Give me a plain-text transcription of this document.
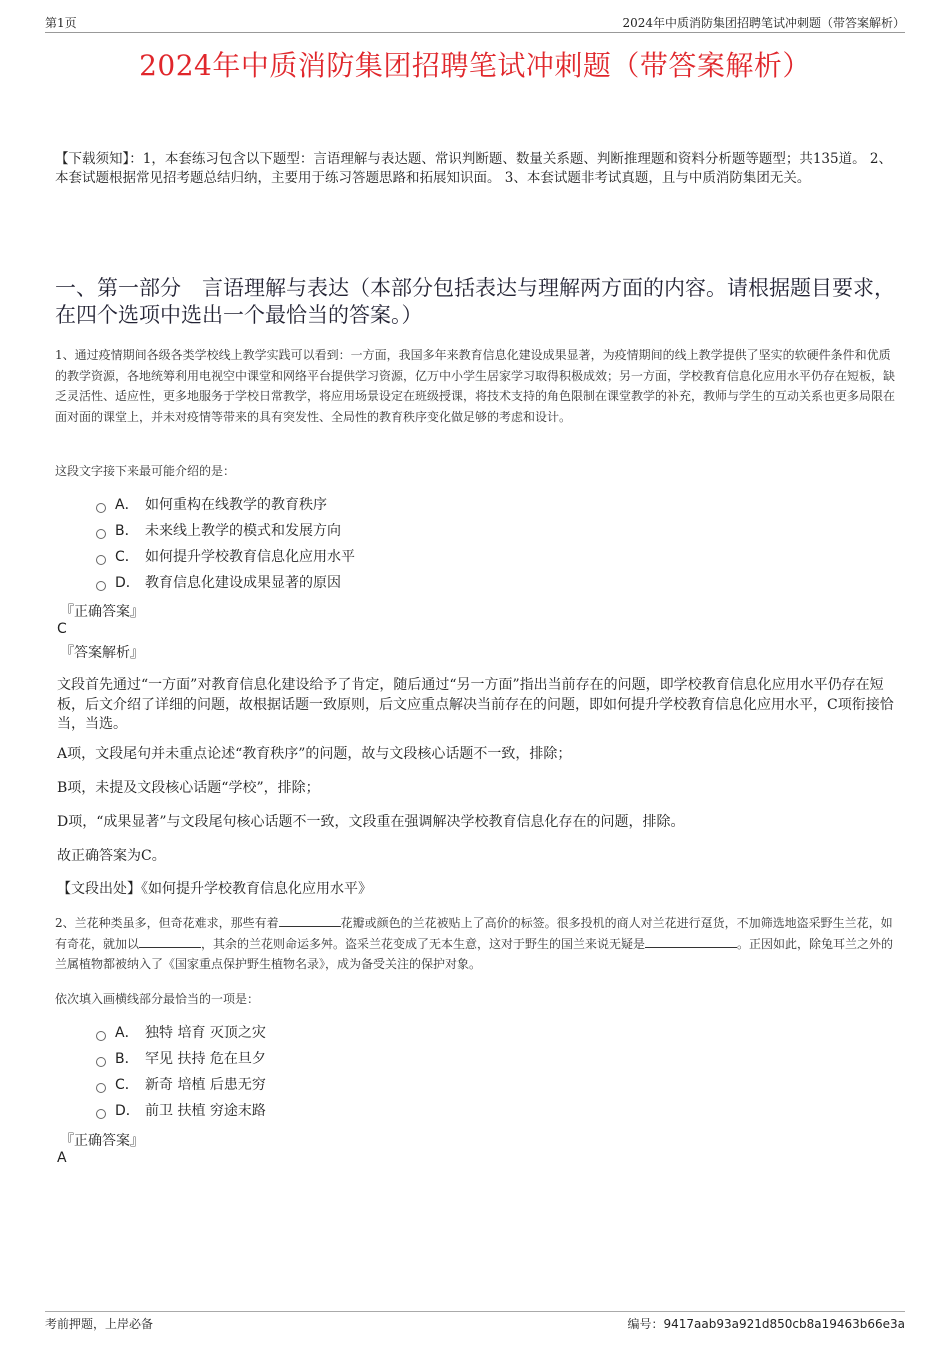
第1页	2024年中质消防集团招聘笔试冲刺题（带答案解析）
2024年中质消防集团招聘笔试冲刺题（带答案解析）
【下载须知】：1，本套练习包含以下题型：言语理解与表达题、常识判断题、数量关系题、判断推理题和资料分析题等题型；共135道。 2、本套试题根据常见招考题总结归纳，主要用于练习答题思路和拓展知识面。 3、本套试题非考试真题，且与中质消防集团无关。
一、第一部分　言语理解与表达（本部分包括表达与理解两方面的内容。请根据题目要求，在四个选项中选出一个最恰当的答案。）
1、通过疫情期间各级各类学校线上教学实践可以看到：一方面，我国多年来教育信息化建设成果显著，为疫情期间的线上教学提供了坚实的软硬件条件和优质的教学资源，各地统筹利用电视空中课堂和网络平台提供学习资源，亿万中小学生居家学习取得积极成效；另一方面，学校教育信息化应用水平仍存在短板，缺乏灵活性、适应性，更多地服务于学校日常教学，将应用场景设定在班级授课，将技术支持的角色限制在课堂教学的补充，教师与学生的互动关系也更多局限在面对面的课堂上，并未对疫情等带来的具有突发性、全局性的教育秩序变化做足够的考虑和设计。
这段文字接下来最可能介绍的是：
A． 如何重构在线教学的教育秩序
B． 未来线上教学的模式和发展方向
C． 如何提升学校教育信息化应用水平
D． 教育信息化建设成果显著的原因
『正确答案』
C
『答案解析』
文段首先通过“一方面”对教育信息化建设给予了肯定，随后通过“另一方面”指出当前存在的问题，即学校教育信息化应用水平仍存在短板，后文介绍了详细的问题，故根据话题一致原则，后文应重点解决当前存在的问题，即如何提升学校教育信息化应用水平，C项衔接恰当，当选。
A项，文段尾句并未重点论述“教育秩序”的问题，故与文段核心话题不一致，排除；
B项，未提及文段核心话题“学校”，排除；
D项，“成果显著”与文段尾句核心话题不一致，文段重在强调解决学校教育信息化存在的问题，排除。
故正确答案为C。
【文段出处】《如何提升学校教育信息化应用水平》
2、兰花种类虽多，但奇花难求，那些有着	花瓣或颜色的兰花被贴上了高价的标签。很多投机的商人对兰花进行趸货，不加筛选地盗采野生兰花，如有奇花，就加以	，其余的兰花则命运多舛。盗采兰花变成了无本生意，这对于野生的国兰来说无疑是	。正因如此，除兔耳兰之外的兰属植物都被纳入了《国家重点保护野生植物名录》，成为备受关注的保护对象。
依次填入画横线部分最恰当的一项是：
A． 独特 培育 灭顶之灾
B． 罕见 扶持 危在旦夕
C． 新奇 培植 后患无穷
D． 前卫 扶植 穷途末路
『正确答案』
A
考前押题，上岸必备	编号：9417aab93a921d850cb8a19463b66e3a
